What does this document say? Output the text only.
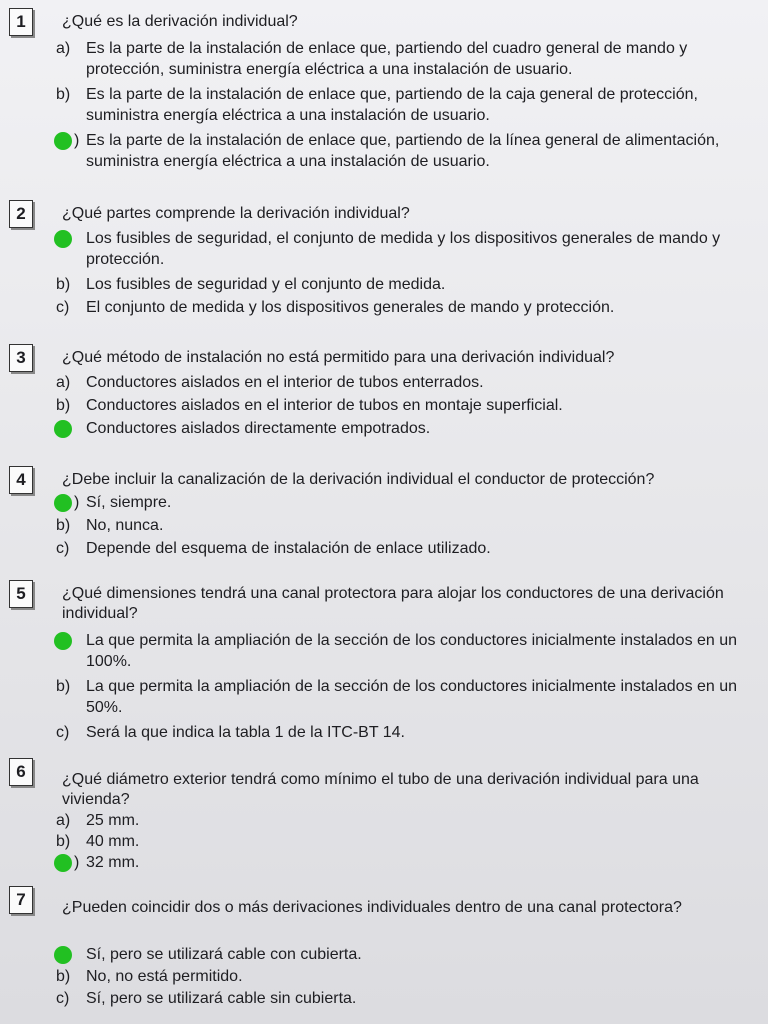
1	¿Qué es la derivación individual?
a) Es la parte de la instalación de enlace que, partiendo del cuadro general de mando y protección, suministra energía eléctrica a una instalación de usuario.
b) Es la parte de la instalación de enlace que, partiendo de la caja general de protección, suministra energía eléctrica a una instalación de usuario.
) Es la parte de la instalación de enlace que, partiendo de la línea general de alimentación, suministra energía eléctrica a una instalación de usuario.
2	¿Qué partes comprende la derivación individual?
Los fusibles de seguridad, el conjunto de medida y los dispositivos generales de mando y protección.
b) Los fusibles de seguridad y el conjunto de medida.
c)	El conjunto de medida y los dispositivos generales de mando y protección.
3	¿Qué método de instalación no está permitido para una derivación individual?
a) Conductores aislados en el interior de tubos enterrados.
b) Conductores aislados en el interior de tubos en montaje superficial.
Conductores aislados directamente empotrados.
4	¿Debe incluir la canalización de la derivación individual el conductor de protección?
) Sí, siempre.
b) No, nunca.
c)	Depende del esquema de instalación de enlace utilizado.
5	¿Qué dimensiones tendrá una canal protectora para alojar los conductores de una derivación individual?
La que permita la ampliación de la sección de los conductores inicialmente instalados en un 100%.
b) La que permita la ampliación de la sección de los conductores inicialmente instalados en un 50%.
c)	Será la que indica la tabla 1 de la ITC-BT 14.
6	¿Qué diámetro exterior tendrá como mínimo el tubo de una derivación individual para una vivienda?
a) 25 mm.
b) 40 mm.
) 32 mm.
7	¿Pueden coincidir dos o más derivaciones individuales dentro de una canal protectora?
Sí, pero se utilizará cable con cubierta.
b) No, no está permitido.
c)	Sí, pero se utilizará cable sin cubierta.
